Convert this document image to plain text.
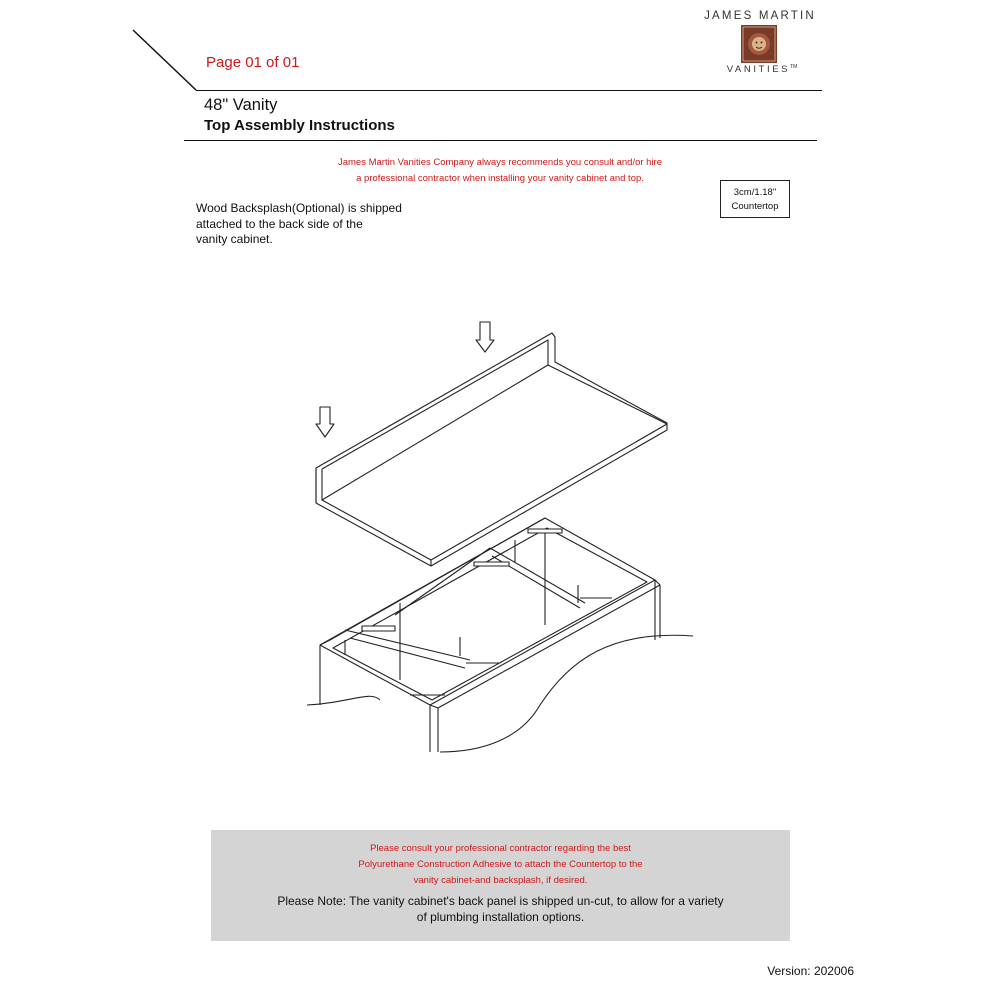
Page 01 of 01
JAMES MARTIN
VANITIES™
48" Vanity
Top Assembly Instructions
James Martin Vanities Company always recommends you consult and/or hire
a professional contractor when installing your vanity cabinet and top.
3cm/1.18"
Countertop
Wood Backsplash(Optional) is shipped
attached to the back side of the
vanity cabinet.
Please consult your professional contractor regarding the best
Polyurethane Construction Adhesive to attach the Countertop to the
vanity cabinet-and backsplash, if desired.
Please Note: The vanity cabinet's back panel is shipped un-cut, to allow for a variety
of plumbing installation options.
Version: 202006
